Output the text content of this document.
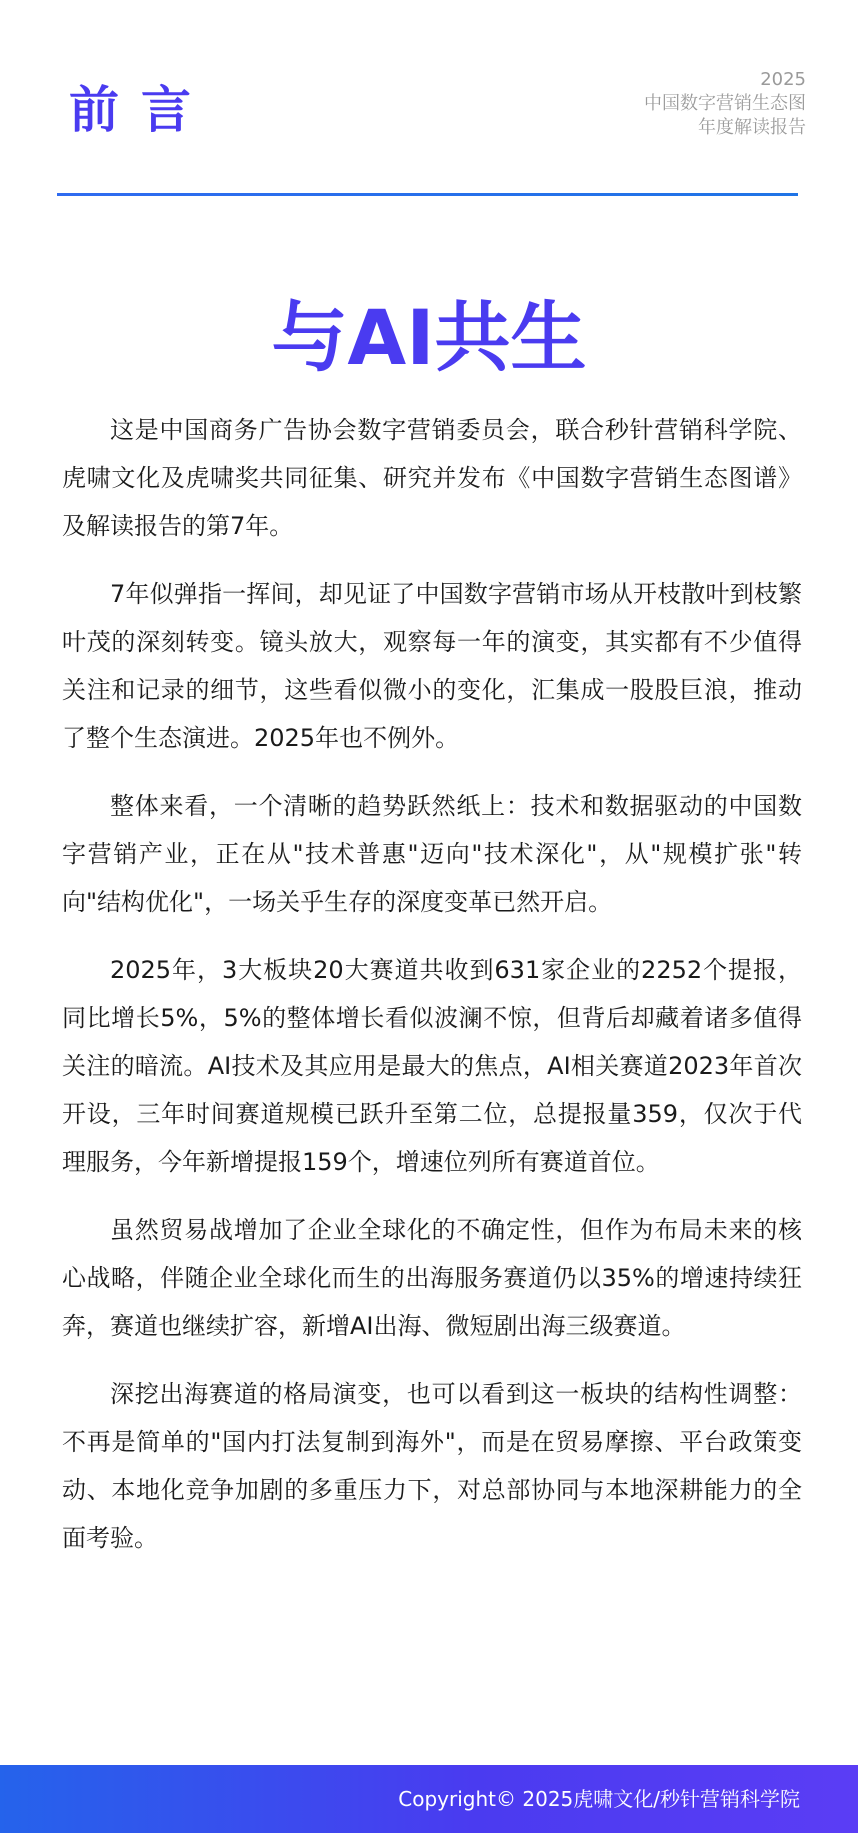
前言
2025
中国数字营销生态图
年度解读报告
与AI共生

这是中国商务广告协会数字营销委员会，联合秒针营销科学院、虎啸文化及虎啸奖共同征集、研究并发布《中国数字营销生态图谱》及解读报告的第7年。

7年似弹指一挥间，却见证了中国数字营销市场从开枝散叶到枝繁叶茂的深刻转变。镜头放大，观察每一年的演变，其实都有不少值得关注和记录的细节，这些看似微小的变化，汇集成一股股巨浪，推动了整个生态演进。2025年也不例外。

整体来看，一个清晰的趋势跃然纸上：技术和数据驱动的中国数字营销产业，正在从"技术普惠"迈向"技术深化"，从"规模扩张"转向"结构优化"，一场关乎生存的深度变革已然开启。

2025年，3大板块20大赛道共收到631家企业的2252个提报，同比增长5%，5%的整体增长看似波澜不惊，但背后却藏着诸多值得关注的暗流。AI技术及其应用是最大的焦点，AI相关赛道2023年首次开设，三年时间赛道规模已跃升至第二位，总提报量359，仅次于代理服务，今年新增提报159个，增速位列所有赛道首位。

虽然贸易战增加了企业全球化的不确定性，但作为布局未来的核心战略，伴随企业全球化而生的出海服务赛道仍以35%的增速持续狂奔，赛道也继续扩容，新增AI出海、微短剧出海三级赛道。

深挖出海赛道的格局演变，也可以看到这一板块的结构性调整：不再是简单的"国内打法复制到海外"，而是在贸易摩擦、平台政策变动、本地化竞争加剧的多重压力下，对总部协同与本地深耕能力的全面考验。

Copyright© 2025虎啸文化/秒针营销科学院
